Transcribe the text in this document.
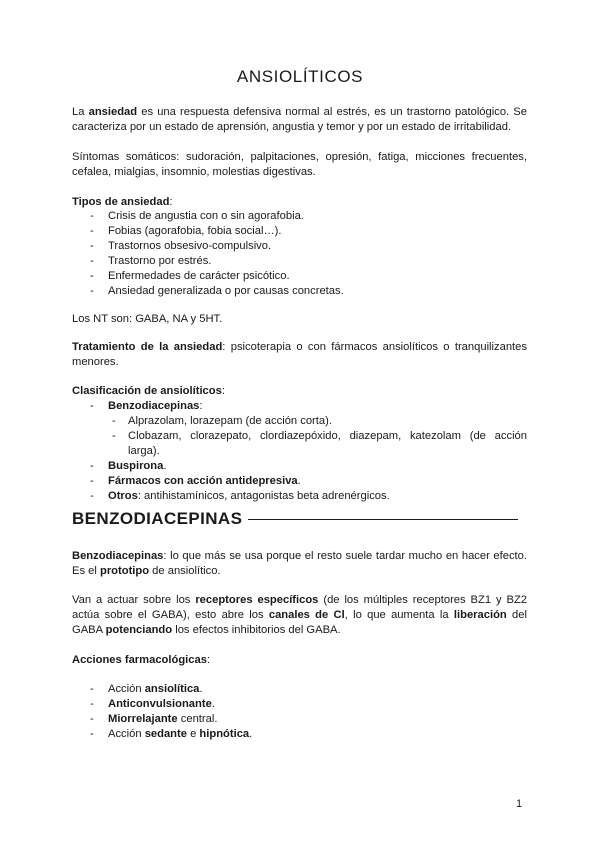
ANSIOLÍTICOS

La ansiedad es una respuesta defensiva normal al estrés, es un trastorno patológico. Se caracteriza por un estado de aprensión, angustia y temor y por un estado de irritabilidad.

Síntomas somáticos: sudoración, palpitaciones, opresión, fatiga, micciones frecuentes, cefalea, mialgias, insomnio, molestias digestivas.

Tipos de ansiedad:

- Crisis de angustia con o sin agorafobia.
- Fobias (agorafobia, fobia social…).
- Trastornos obsesivo-compulsivo.
- Trastorno por estrés.
- Enfermedades de carácter psicótico.
- Ansiedad generalizada o por causas concretas.

Los NT son: GABA, NA y 5HT.

Tratamiento de la ansiedad: psicoterapia o con fármacos ansiolíticos o tranquilizantes menores.

Clasificación de ansiolíticos:

- Benzodiacepinas:
- Alprazolam, lorazepam (de acción corta).
- Clobazam, clorazepato, clordiazepóxido, diazepam, katezolam (de acción larga).
- Buspirona.
- Fármacos con acción antidepresiva.
- Otros: antihistamínicos, antagonistas beta adrenérgicos.
BENZODIACEPINAS

Benzodiacepinas: lo que más se usa porque el resto suele tardar mucho en hacer efecto. Es el prototipo de ansiolítico.

Van a actuar sobre los receptores específicos (de los múltiples receptores BZ1 y BZ2 actúa sobre el GABA), esto abre los canales de Cl, lo que aumenta la liberación del GABA potenciando los efectos inhibitorios del GABA.

Acciones farmacológicas:

- Acción ansiolítica.
- Anticonvulsionante.
- Miorrelajante central.
- Acción sedante e hipnótica.
1
